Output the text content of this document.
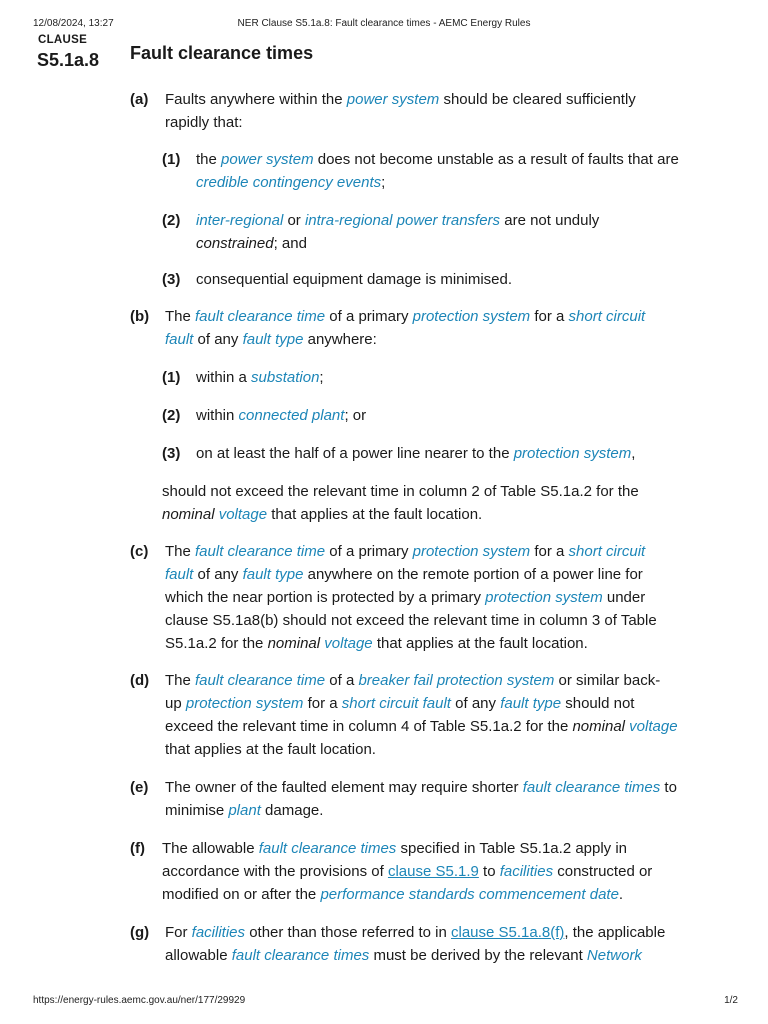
12/08/2024, 13:27	NER Clause S5.1a.8: Fault clearance times - AEMC Energy Rules
CLAUSE
S5.1a.8 Fault clearance times
(a) Faults anywhere within the power system should be cleared sufficiently
rapidly that:
(1) the power system does not become unstable as a result of faults that are
credible contingency events;
(2) inter-regional or intra-regional power transfers are not unduly
constrained; and
(3) consequential equipment damage is minimised.
(b) The fault clearance time of a primary protection system for a short circuit
fault of any fault type anywhere:
(1) within a substation;
(2) within connected plant; or
(3) on at least the half of a power line nearer to the protection system,
should not exceed the relevant time in column 2 of Table S5.1a.2 for the
nominal voltage that applies at the fault location.
(c) The fault clearance time of a primary protection system for a short circuit
fault of any fault type anywhere on the remote portion of a power line for
which the near portion is protected by a primary protection system under
clause S5.1a8(b) should not exceed the relevant time in column 3 of Table
S5.1a.2 for the nominal voltage that applies at the fault location.
(d) The fault clearance time of a breaker fail protection system or similar back-
up protection system for a short circuit fault of any fault type should not
exceed the relevant time in column 4 of Table S5.1a.2 for the nominal voltage
that applies at the fault location.
(e) The owner of the faulted element may require shorter fault clearance times to
minimise plant damage.
(f) The allowable fault clearance times specified in Table S5.1a.2 apply in
accordance with the provisions of clause S5.1.9 to facilities constructed or
modified on or after the performance standards commencement date.
(g) For facilities other than those referred to in clause S5.1a.8(f), the applicable
allowable fault clearance times must be derived by the relevant Network
https://energy-rules.aemc.gov.au/ner/177/29929	1/2
